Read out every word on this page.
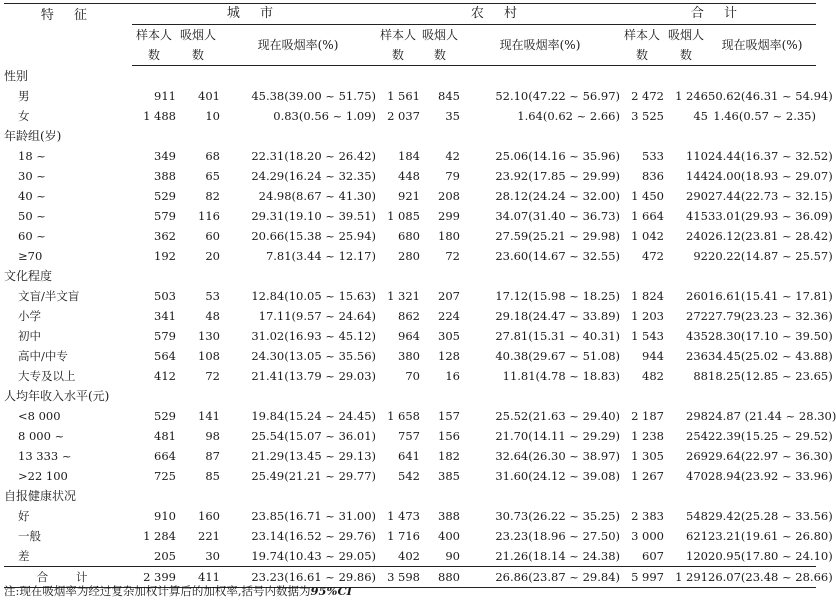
特 征	城 市			农 村			合 计		
	样本人数	吸烟人数	现在吸烟率(%)	样本人数	吸烟人数	现在吸烟率(%)	样本人数	吸烟人数	现在吸烟率(%)
性别									
男	911	401	45.38(39.00 ~ 51.75)	1 561	845	52.10(47.22 ~ 56.97)	2 472	1 246	50.62(46.31 ~ 54.94)
女	1 488	10	0.83(0.56 ~ 1.09)	2 037	35	1.64(0.62 ~ 2.66)	3 525	45	1.46(0.57 ~ 2.35)
年龄组(岁)									
18 ~	349	68	22.31(18.20 ~ 26.42)	184	42	25.06(14.16 ~ 35.96)	533	110	24.44(16.37 ~ 32.52)
30 ~	388	65	24.29(16.24 ~ 32.35)	448	79	23.92(17.85 ~ 29.99)	836	144	24.00(18.93 ~ 29.07)
40 ~	529	82	24.98(8.67 ~ 41.30)	921	208	28.12(24.24 ~ 32.00)	1 450	290	27.44(22.73 ~ 32.15)
50 ~	579	116	29.31(19.10 ~ 39.51)	1 085	299	34.07(31.40 ~ 36.73)	1 664	415	33.01(29.93 ~ 36.09)
60 ~	362	60	20.66(15.38 ~ 25.94)	680	180	27.59(25.21 ~ 29.98)	1 042	240	26.12(23.81 ~ 28.42)
≥70	192	20	7.81(3.44 ~ 12.17)	280	72	23.60(14.67 ~ 32.55)	472	92	20.22(14.87 ~ 25.57)
文化程度									
文盲/半文盲	503	53	12.84(10.05 ~ 15.63)	1 321	207	17.12(15.98 ~ 18.25)	1 824	260	16.61(15.41 ~ 17.81)
小学	341	48	17.11(9.57 ~ 24.64)	862	224	29.18(24.47 ~ 33.89)	1 203	272	27.79(23.23 ~ 32.36)
初中	579	130	31.02(16.93 ~ 45.12)	964	305	27.81(15.31 ~ 40.31)	1 543	435	28.30(17.10 ~ 39.50)
高中/中专	564	108	24.30(13.05 ~ 35.56)	380	128	40.38(29.67 ~ 51.08)	944	236	34.45(25.02 ~ 43.88)
大专及以上	412	72	21.41(13.79 ~ 29.03)	70	16	11.81(4.78 ~ 18.83)	482	88	18.25(12.85 ~ 23.65)
人均年收入水平(元)									
<8 000	529	141	19.84(15.24 ~ 24.45)	1 658	157	25.52(21.63 ~ 29.40)	2 187	298	24.87 (21.44 ~ 28.30)
8 000 ~	481	98	25.54(15.07 ~ 36.01)	757	156	21.70(14.11 ~ 29.29)	1 238	254	22.39(15.25 ~ 29.52)
13 333 ~	664	87	21.29(13.45 ~ 29.13)	641	182	32.64(26.30 ~ 38.97)	1 305	269	29.64(22.97 ~ 36.30)
>22 100	725	85	25.49(21.21 ~ 29.77)	542	385	31.60(24.12 ~ 39.08)	1 267	470	28.94(23.92 ~ 33.96)
自报健康状况									
好	910	160	23.85(16.71 ~ 31.00)	1 473	388	30.73(26.22 ~ 35.25)	2 383	548	29.42(25.28 ~ 33.56)
一般	1 284	221	23.14(16.52 ~ 29.76)	1 716	400	23.23(18.96 ~ 27.50)	3 000	621	23.21(19.61 ~ 26.80)
差	205	30	19.74(10.43 ~ 29.05)	402	90	21.26(18.14 ~ 24.38)	607	120	20.95(17.80 ~ 24.10)
合 计	2 399	411	23.23(16.61 ~ 29.86)	3 598	880	26.86(23.87 ~ 29.84)	5 997	1 291	26.07(23.48 ~ 28.66)
注:现在吸烟率为经过复杂加权计算后的加权率,括号内数据为95%CI
